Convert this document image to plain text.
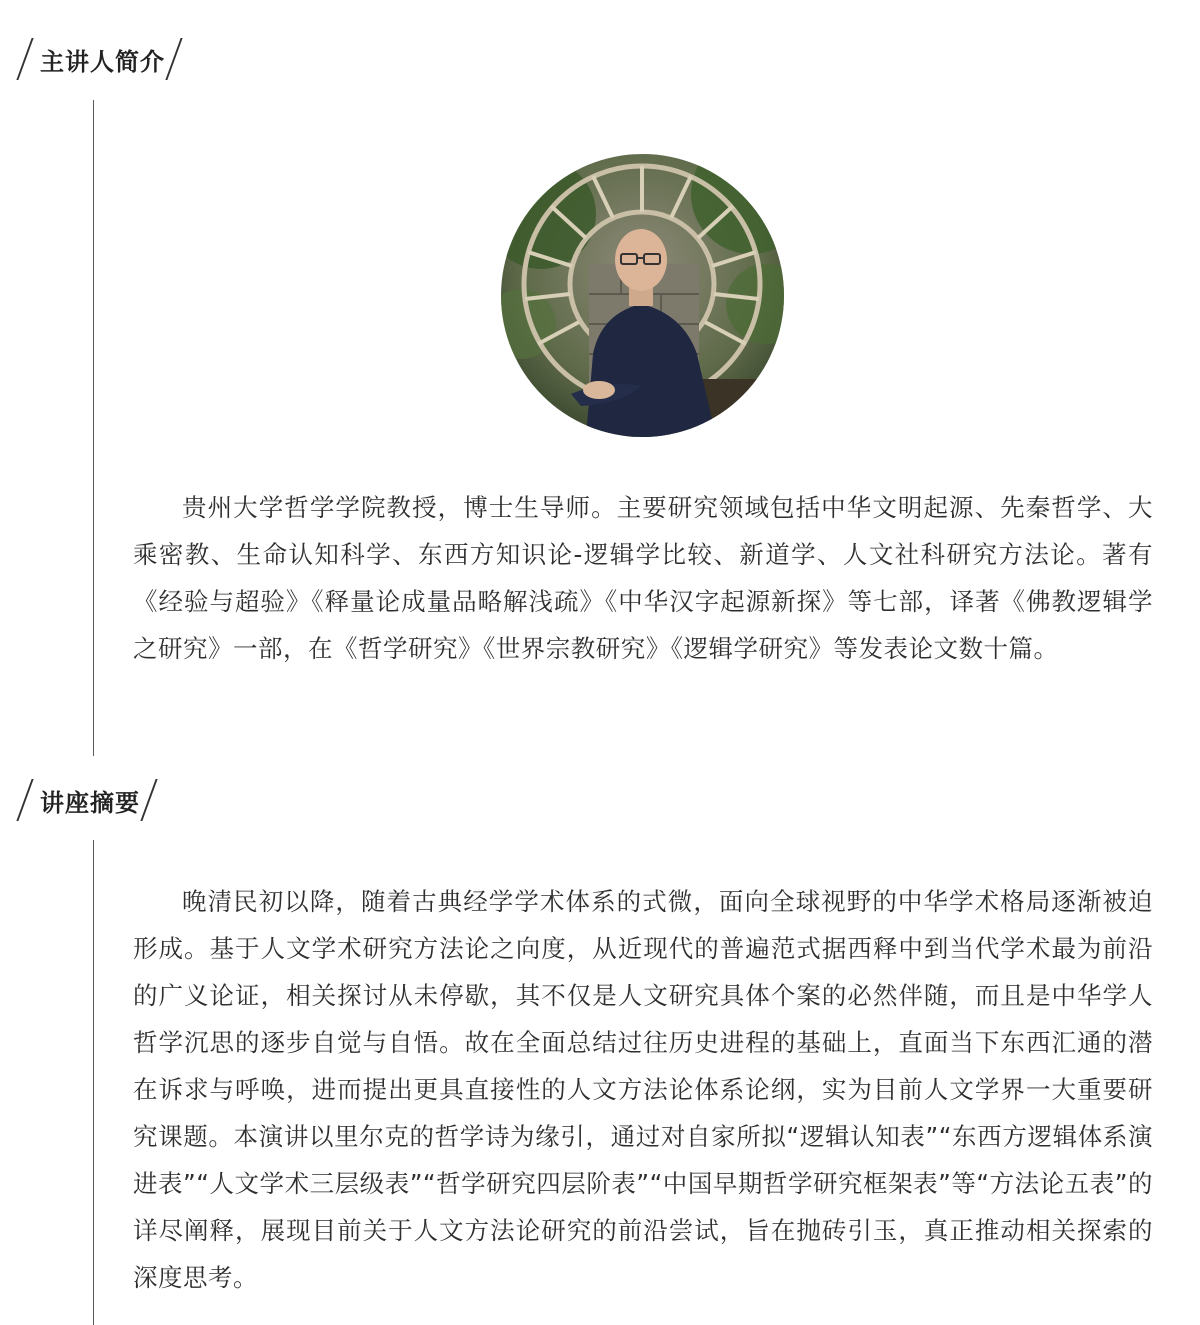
主讲人简介

贵州大学哲学学院教授，博士生导师。主要研究领域包括中华文明起源、先秦哲学、大乘密教、生命认知科学、东西方知识论-逻辑学比较、新道学、人文社科研究方法论。著有《经验与超验》《释量论成量品略解浅疏》《中华汉字起源新探》等七部，译著《佛教逻辑学之研究》一部，在《哲学研究》《世界宗教研究》《逻辑学研究》等发表论文数十篇。

讲座摘要

晚清民初以降，随着古典经学学术体系的式微，面向全球视野的中华学术格局逐渐被迫形成。基于人文学术研究方法论之向度，从近现代的普遍范式据西释中到当代学术最为前沿的广义论证，相关探讨从未停歇，其不仅是人文研究具体个案的必然伴随，而且是中华学人哲学沉思的逐步自觉与自悟。故在全面总结过往历史进程的基础上，直面当下东西汇通的潜在诉求与呼唤，进而提出更具直接性的人文方法论体系论纲，实为目前人文学界一大重要研究课题。本演讲以里尔克的哲学诗为缘引，通过对自家所拟“逻辑认知表”“东西方逻辑体系演进表”“人文学术三层级表”“哲学研究四层阶表”“中国早期哲学研究框架表”等“方法论五表”的详尽阐释，展现目前关于人文方法论研究的前沿尝试，旨在抛砖引玉，真正推动相关探索的深度思考。
